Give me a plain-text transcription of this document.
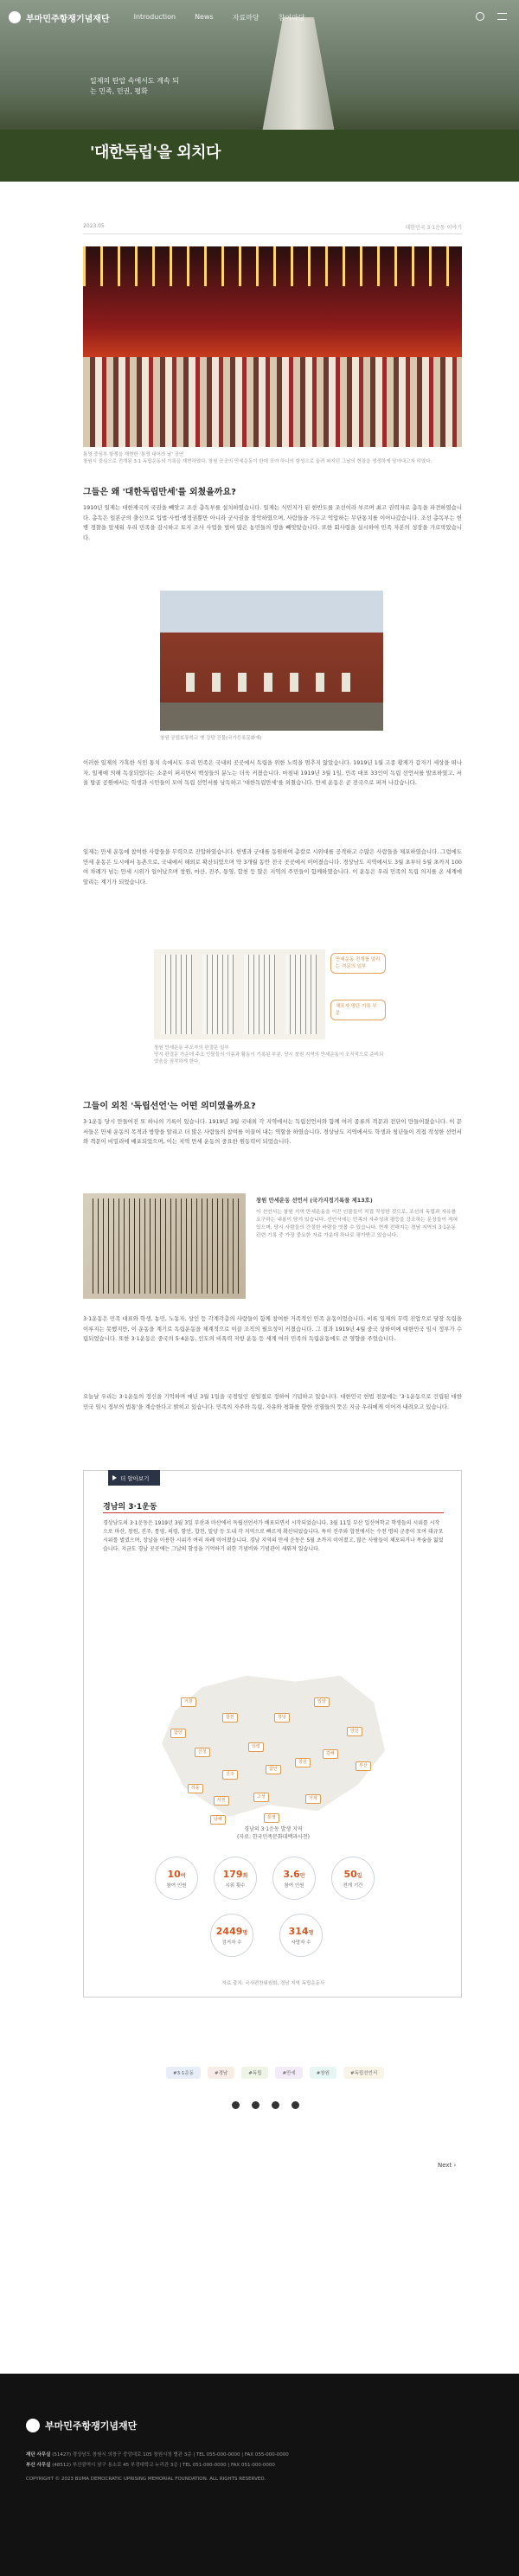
부마민주항쟁기념재단	Introduction	News	자료마당	참여마당
일제의 탄압 속에서도 계속 되는 민족, 민권, 평화
'대한독립'을 외치다
2023.05	대한민국 3·1운동 이야기
통영 중심부 항쟁을 재현한 '통영 내어라 날' 공연
창원시 중심으로 전개된 3·1 독립운동의 기록을 재현하였다. 창원 곳곳의 만세운동이 한데 모여 하나의 함성으로 울려 퍼지던 그날의 현장을 생생하게 담아내고자 하였다.
그들은 왜 '대한독립만세'를 외쳤을까요?
1910년 일제는 대한제국의 국권을 빼앗고 조선 총독부를 설치하였습니다. 일제는 식민지가 된 한반도를 조선이라 부르며 최고 권력자로 총독을 파견하였습니다. 총독은 일본군의 출신으로 입법·사법·행정권뿐만 아니라 군사권을 장악하였으며, 사람들을 가두고 억압하는 무단통치를 이어나갔습니다. 조선 총독부는 헌병 경찰을 앞세워 우리 민족을 감시하고 토지 조사 사업을 벌여 많은 농민들의 땅을 빼앗았습니다. 또한 회사령을 실시하여 민족 자본의 성장을 가로막았습니다.
창원 공립보통학교 옛 강당 건물(국가등록문화재)
이러한 일제의 가혹한 식민 통치 속에서도 우리 민족은 국내외 곳곳에서 독립을 위한 노력을 멈추지 않았습니다. 1919년 1월 고종 황제가 갑자기 세상을 떠나자, 일제에 의해 독살되었다는 소문이 퍼지면서 백성들의 분노는 더욱 커졌습니다. 마침내 1919년 3월 1일, 민족 대표 33인이 독립 선언서를 발표하였고, 서울 탑골 공원에서는 학생과 시민들이 모여 독립 선언서를 낭독하고 '대한독립만세'를 외쳤습니다. 만세 운동은 곧 전국으로 퍼져 나갔습니다.
일제는 만세 운동에 참여한 사람들을 무력으로 진압하였습니다. 헌병과 군대를 동원하여 총칼로 시위대를 공격하고 수많은 사람들을 체포하였습니다. 그럼에도 만세 운동은 도시에서 농촌으로, 국내에서 해외로 확산되었으며 약 3개월 동안 전국 곳곳에서 이어졌습니다. 경상남도 지역에서도 3월 초부터 5월 초까지 100여 차례가 넘는 만세 시위가 일어났으며 창원, 마산, 진주, 통영, 합천 등 많은 지역의 주민들이 함께하였습니다. 이 운동은 우리 민족의 독립 의지를 온 세계에 알리는 계기가 되었습니다.
만세운동 전개를 알리는 격문의 일부
체포자 명단 기록 부분
창원 만세운동 주도자의 판결문 일부
당시 판결문 가운데 주요 인물들의 이름과 활동이 기록된 부분. 당시 창원 지역의 만세운동이 조직적으로 준비되었음을 짐작하게 한다.
그들이 외친 '독립선언'는 어떤 의미였을까요?
3·1운동 당시 만들어진 또 하나의 기록이 있습니다. 1919년 3월 국내외 각 지역에서는 독립선언서와 함께 여러 종류의 격문과 전단이 만들어졌습니다. 이 문서들은 만세 운동의 목적과 방향을 알리고 더 많은 사람들의 참여를 이끌어 내는 역할을 하였습니다. 경상남도 지역에서도 학생과 청년들이 직접 작성한 선언서와 격문이 비밀리에 배포되었으며, 이는 지역 만세 운동의 중요한 원동력이 되었습니다.
창원 만세운동 선언서 (국가지정기록물 제13호)
이 선언서는 창원 지역 만세운동을 이끈 인물들이 직접 작성한 것으로, 조선의 독립과 자유를 요구하는 내용이 담겨 있습니다. 선언서에는 민족의 자주성과 평등을 강조하는 문장들이 적혀 있으며, 당시 사람들의 간절한 바람을 엿볼 수 있습니다. 현재 전해지는 경남 지역의 3·1운동 관련 기록 중 가장 중요한 자료 가운데 하나로 평가받고 있습니다.
3·1운동은 민족 대표와 학생, 농민, 노동자, 상인 등 각계각층의 사람들이 함께 참여한 거족적인 민족 운동이었습니다. 비록 일제의 무력 진압으로 당장 독립을 이루지는 못했지만, 이 운동을 계기로 독립운동을 체계적으로 이끌 조직의 필요성이 커졌습니다. 그 결과 1919년 4월 중국 상하이에 대한민국 임시 정부가 수립되었습니다. 또한 3·1운동은 중국의 5·4운동, 인도의 비폭력 저항 운동 등 세계 여러 민족의 독립운동에도 큰 영향을 주었습니다.
오늘날 우리는 3·1운동의 정신을 기억하며 매년 3월 1일을 국경일인 삼일절로 정하여 기념하고 있습니다. 대한민국 헌법 전문에는 '3·1운동으로 건립된 대한민국 임시 정부의 법통'을 계승한다고 밝히고 있습니다. 민족의 자주와 독립, 자유와 평화를 향한 선열들의 뜻은 지금 우리에게 이어져 내려오고 있습니다.
더 알아보기
경남의 3·1운동
경상남도의 3·1운동은 1919년 3월 3일 부산과 마산에서 독립선언서가 배포되면서 시작되었습니다. 3월 11일 부산 일신여학교 학생들의 시위를 시작으로 마산, 창원, 진주, 통영, 의령, 함안, 합천, 밀양 등 도내 각 지역으로 빠르게 확산되었습니다. 특히 진주와 합천에서는 수천 명의 군중이 모여 대규모 시위를 벌였으며, 장날을 이용한 시위가 여러 차례 이어졌습니다. 경남 지역의 만세 운동은 5월 초까지 이어졌고, 많은 사람들이 체포되거나 목숨을 잃었습니다. 지금도 경남 곳곳에는 그날의 함성을 기억하기 위한 기념비와 기념관이 세워져 있습니다.
거창
함양
산청
합천
의령
밀양
창녕
양산
진주
함안
창원
김해
부산
하동
사천
고성
통영
남해
거제
경남의 3·1운동 발생 지역
(자료: 한국민족문화대백과사전)
10여
참여 인원
179회
시위 횟수
3.6만
참여 인원
50일
전개 기간
2449명
검거자 수
314명
사망자 수
자료 출처: 국사편찬위원회, 경남 지역 독립운동사
#3·1운동	#경남	#독립	#만세	#창원	#독립선언서
Next ›
부마민주항쟁기념재단
재단 사무실 (51427) 경상남도 창원시 의창구 중앙대로 105 창원시청 별관 3층 | TEL 055-000-0000 | FAX 055-000-0000
부산 사무실 (48512) 부산광역시 남구 용소로 45 부경대학교 누리관 3층 | TEL 051-000-0000 | FAX 051-000-0000
COPYRIGHT © 2023 BUMA DEMOCRATIC UPRISING MEMORIAL FOUNDATION. ALL RIGHTS RESERVED.
